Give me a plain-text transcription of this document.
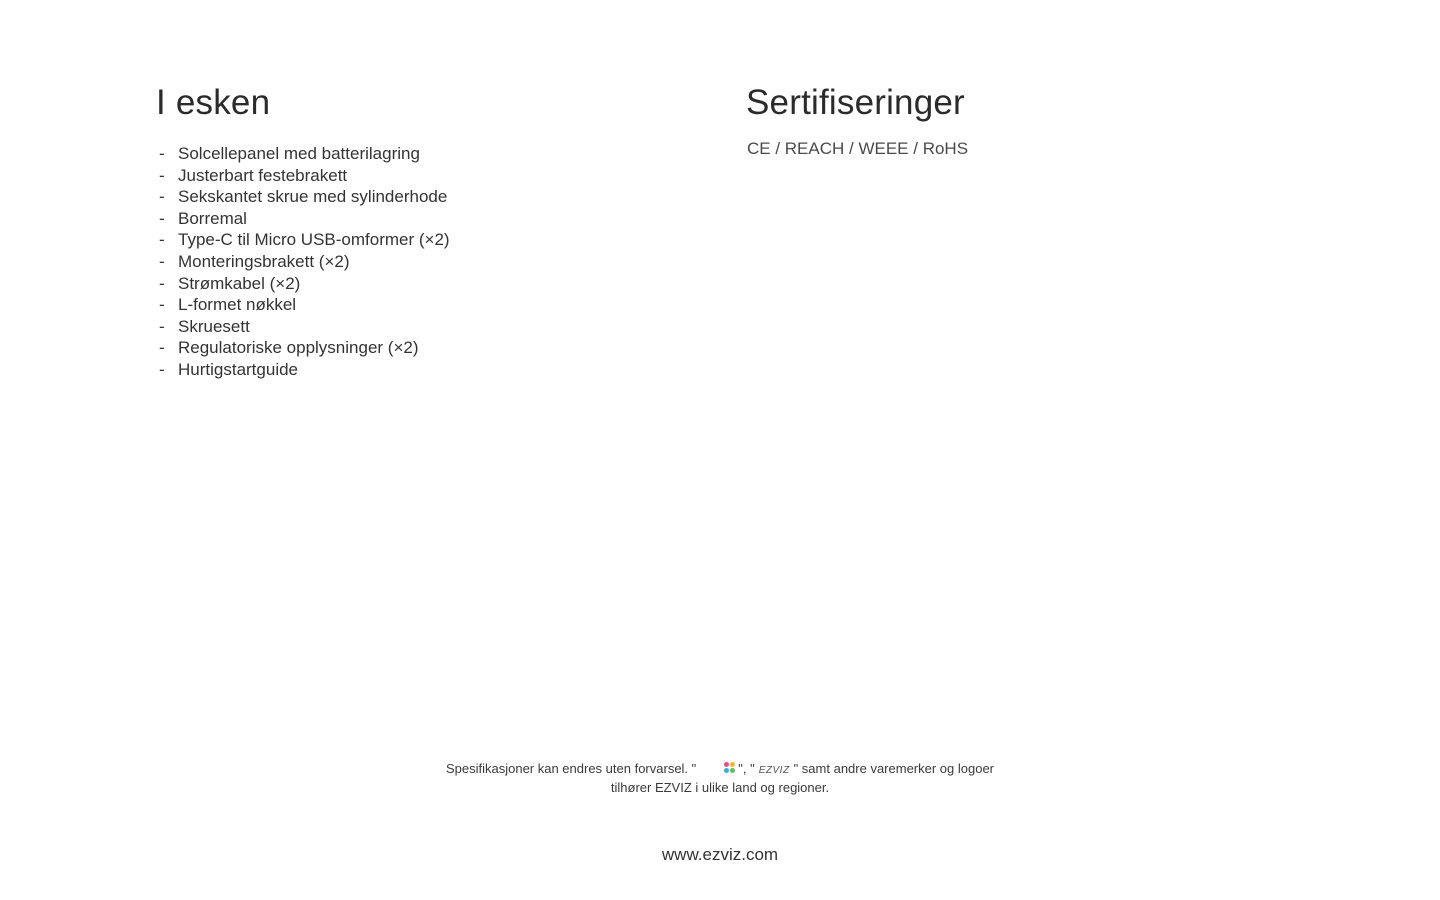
I esken
- Solcellepanel med batterilagring
- Justerbart festebrakett
- Sekskantet skrue med sylinderhode
- Borremal
- Type-C til Micro USB-omformer (×2)
- Monteringsbrakett (×2)
- Strømkabel (×2)
- L-formet nøkkel
- Skruesett
- Regulatoriske opplysninger (×2)
- Hurtigstartguide
Sertifiseringer
CE / REACH / WEEE / RoHS
Spesifikasjoner kan endres uten forvarsel. "	", " EZVIZ " samt andre varemerker og logoer
tilhører EZVIZ i ulike land og regioner.
www.ezviz.com
